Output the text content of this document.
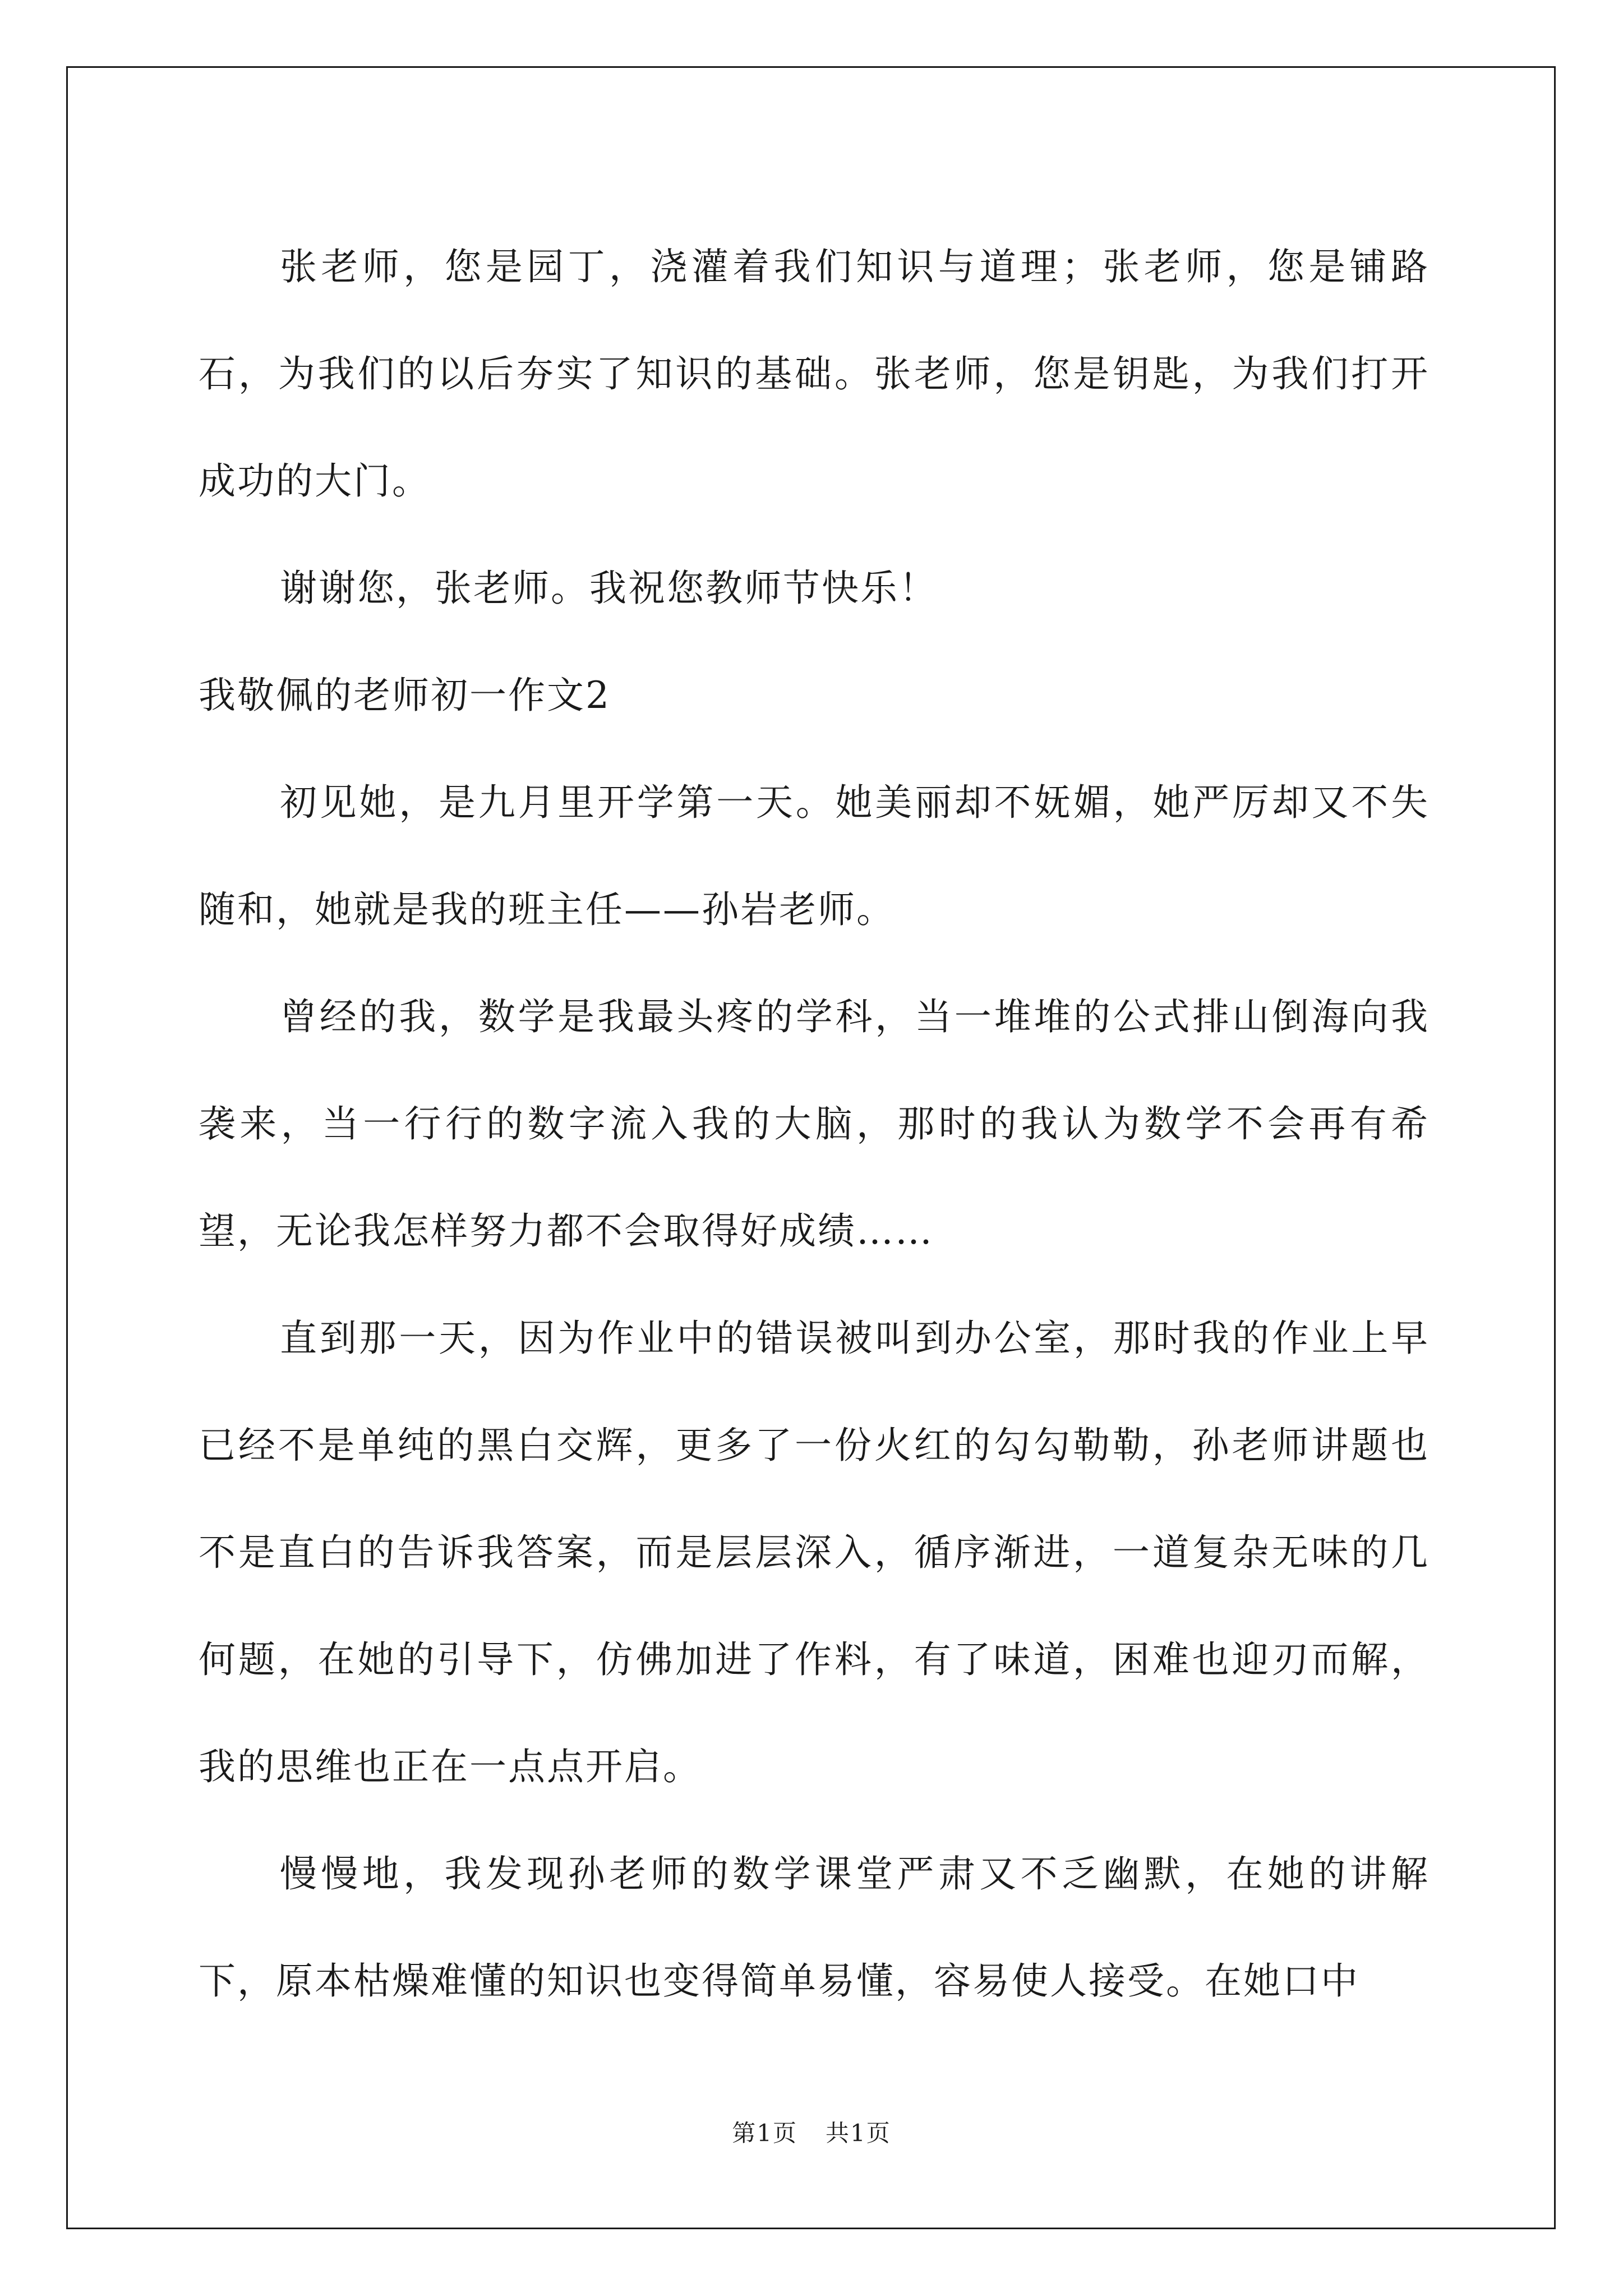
张老师，您是园丁，浇灌着我们知识与道理；张老师，您是铺路石，为我们的以后夯实了知识的基础。张老师，您是钥匙，为我们打开成功的大门。

谢谢您，张老师。我祝您教师节快乐！

我敬佩的老师初一作文2

初见她，是九月里开学第一天。她美丽却不妩媚，她严厉却又不失随和，她就是我的班主任——孙岩老师。

曾经的我，数学是我最头疼的学科，当一堆堆的公式排山倒海向我袭来，当一行行的数字流入我的大脑，那时的我认为数学不会再有希望，无论我怎样努力都不会取得好成绩……

直到那一天，因为作业中的错误被叫到办公室，那时我的作业上早已经不是单纯的黑白交辉，更多了一份火红的勾勾勒勒，孙老师讲题也不是直白的告诉我答案，而是层层深入，循序渐进，一道复杂无味的几何题，在她的引导下，仿佛加进了作料，有了味道，困难也迎刃而解，我的思维也正在一点点开启。

慢慢地，我发现孙老师的数学课堂严肃又不乏幽默，在她的讲解下，原本枯燥难懂的知识也变得简单易懂，容易使人接受。在她口中

第1页 共1页
